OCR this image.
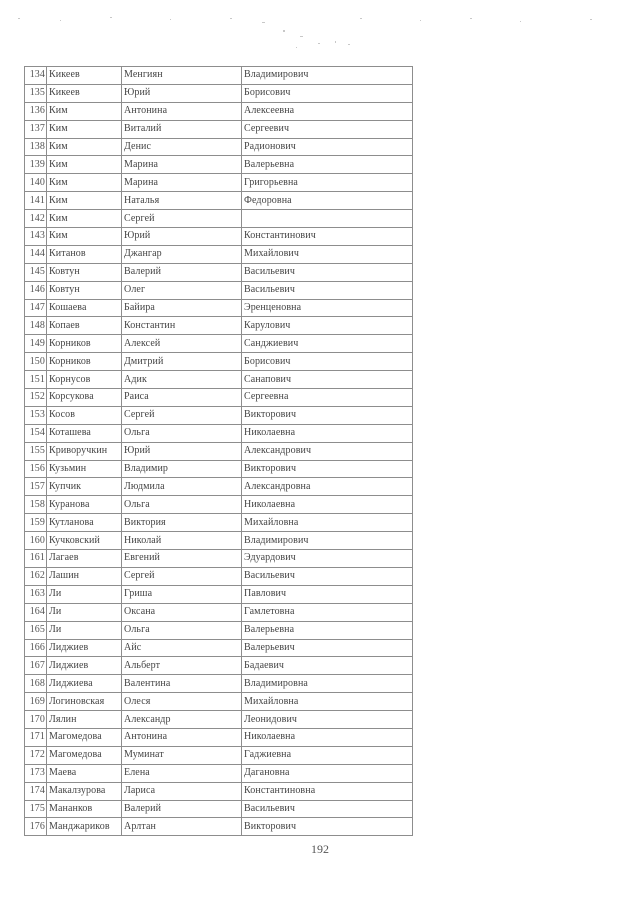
134	Кикеев	Менгиян	Владимирович
135	Кикеев	Юрий	Борисович
136	Ким	Антонина	Алексеевна
137	Ким	Виталий	Сергеевич
138	Ким	Денис	Радионович
139	Ким	Марина	Валерьевна
140	Ким	Марина	Григорьевна
141	Ким	Наталья	Федоровна
142	Ким	Сергей	
143	Ким	Юрий	Константинович
144	Китанов	Джангар	Михайлович
145	Ковтун	Валерий	Васильевич
146	Ковтун	Олег	Васильевич
147	Кошаева	Байира	Эренценовна
148	Копаев	Константин	Карулович
149	Корников	Алексей	Санджиевич
150	Корников	Дмитрий	Борисович
151	Корнусов	Адик	Санапович
152	Корсукова	Раиса	Сергеевна
153	Косов	Сергей	Викторович
154	Коташева	Ольга	Николаевна
155	Криворучкин	Юрий	Александрович
156	Кузьмин	Владимир	Викторович
157	Купчик	Людмила	Александровна
158	Куранова	Ольга	Николаевна
159	Кутланова	Виктория	Михайловна
160	Кучковский	Николай	Владимирович
161	Лагаев	Евгений	Эдуардович
162	Лашин	Сергей	Васильевич
163	Ли	Гриша	Павлович
164	Ли	Оксана	Гамлетовна
165	Ли	Ольга	Валерьевна
166	Лиджиев	Айс	Валерьевич
167	Лиджиев	Альберт	Бадаевич
168	Лиджиева	Валентина	Владимировна
169	Логиновская	Олеся	Михайловна
170	Лялин	Александр	Леонидович
171	Магомедова	Антонина	Николаевна
172	Магомедова	Муминат	Гаджиевна
173	Маева	Елена	Дагановна
174	Макалзурова	Лариса	Константиновна
175	Мананков	Валерий	Васильевич
176	Манджариков	Арлтан	Викторович
192
